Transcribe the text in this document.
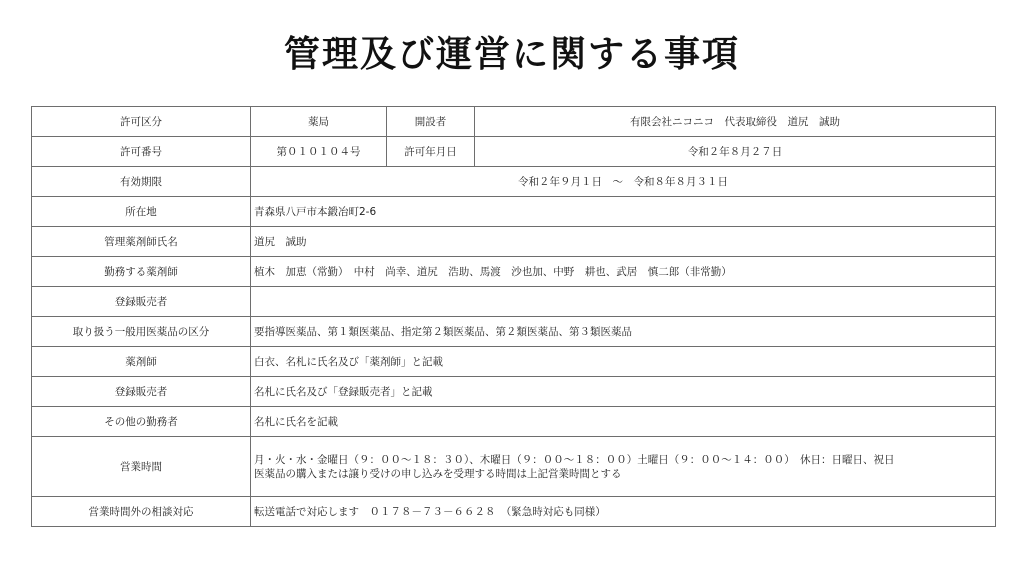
管理及び運営に関する事項
許可区分	薬局	開設者	有限会社ニコニコ　代表取締役　道尻　誠助
許可番号	第０１０１０４号	許可年月日	令和２年８月２７日
有効期限	令和２年９月１日　～　令和８年８月３１日		
所在地	青森県八戸市本鍛冶町2-6		
管理薬剤師氏名	道尻　誠助		
勤務する薬剤師	植木　加恵（常勤）　中村　尚幸、道尻　浩助、馬渡　沙也加、中野　耕也、武居　慎二郎（非常勤）		
登録販売者			
取り扱う一般用医薬品の区分	要指導医薬品、第１類医薬品、指定第２類医薬品、第２類医薬品、第３類医薬品		
薬剤師	白衣、名札に氏名及び「薬剤師」と記載		
登録販売者	名札に氏名及び「登録販売者」と記載		
その他の勤務者	名札に氏名を記載		
営業時間	月・火・水・金曜日（９：００～１８：３０）、木曜日（９：００～１８：００）土曜日（９：００～１４：００）　休日：日曜日、祝日
医薬品の購入または譲り受けの申し込みを受理する時間は上記営業時間とする		

営業時間外の相談対応	転送電話で対応します　０１７８－７３－６６２８　（緊急時対応も同様）		
